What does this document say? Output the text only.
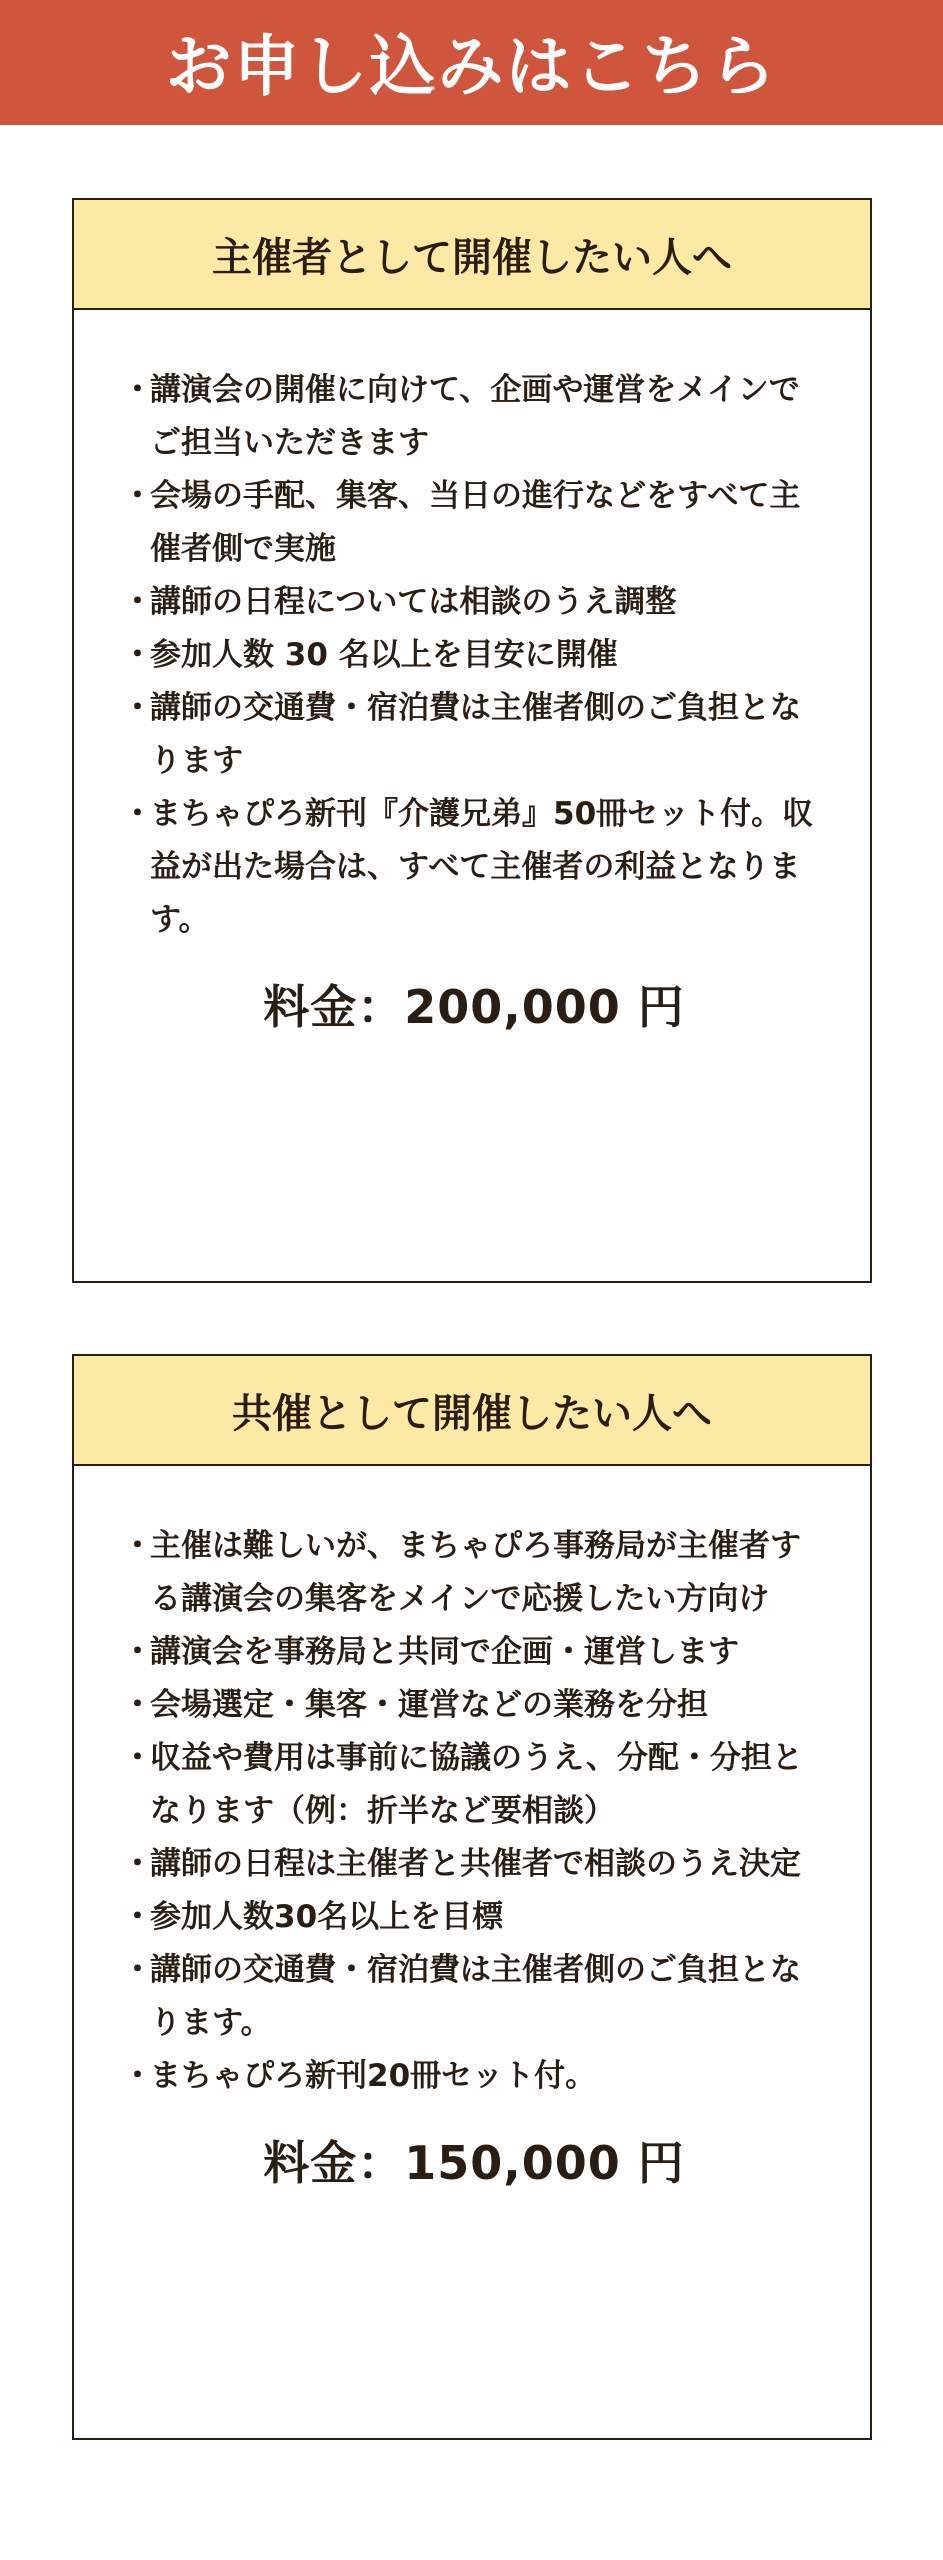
お申し込みはこちら
主催者として開催したい人へ
・
講演会の開催に向けて、企画や運営をメインでご担当いただきます
・
会場の手配、集客、当日の進行などをすべて主催者側で実施
・
講師の日程については相談のうえ調整
・
参加人数 30 名以上を目安に開催
・
講師の交通費・宿泊費は主催者側のご負担となります
・
まちゃぴろ新刊『介護兄弟』50冊セット付。収益が出た場合は、すべて主催者の利益となります。
料金：200,000 円
共催として開催したい人へ
・
主催は難しいが、まちゃぴろ事務局が主催者する講演会の集客をメインで応援したい方向け
・
講演会を事務局と共同で企画・運営します
・
会場選定・集客・運営などの業務を分担
・
収益や費用は事前に協議のうえ、分配・分担となります（例：折半など要相談）
・
講師の日程は主催者と共催者で相談のうえ決定
・
参加人数30名以上を目標
・
講師の交通費・宿泊費は主催者側のご負担となります。
・
まちゃぴろ新刊20冊セット付。
料金：150,000 円
